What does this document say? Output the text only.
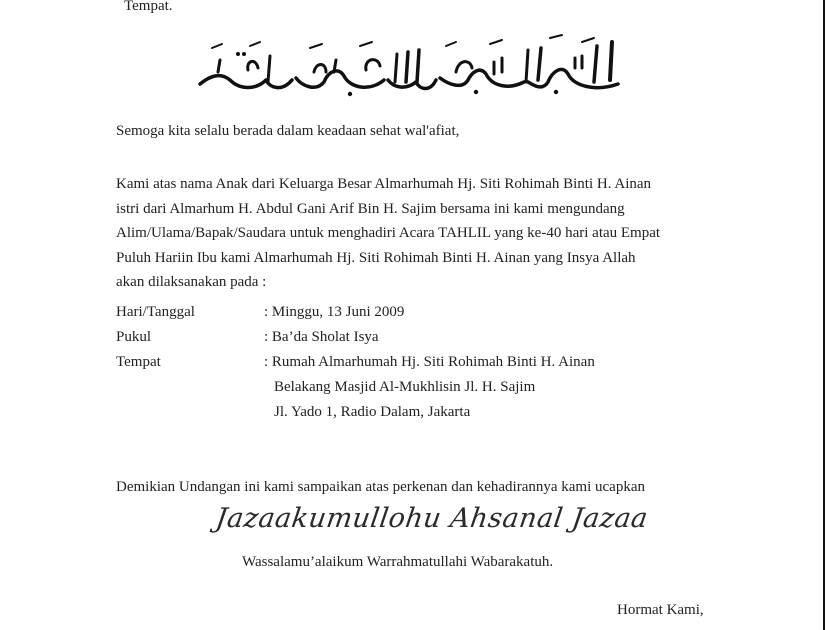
Tempat.
Semoga kita selalu berada dalam keadaan sehat wal'afiat,

Kami atas nama Anak dari Keluarga Besar Almarhumah Hj. Siti Rohimah Binti H. Ainan
istri dari Almarhum H. Abdul Gani Arif Bin H. Sajim bersama ini kami mengundang
Alim/Ulama/Bapak/Saudara untuk menghadiri Acara TAHLIL yang ke-40 hari atau Empat
Puluh Hariin Ibu kami Almarhumah Hj. Siti Rohimah Binti H. Ainan yang Insya Allah
akan dilaksanakan pada :

Hari/Tanggal	: Minggu, 13 Juni 2009
Pukul	: Ba’da Sholat Isya
Tempat	: Rumah Almarhumah Hj. Siti Rohimah Binti H. Ainan
Belakang Masjid Al-Mukhlisin Jl. H. Sajim
Jl. Yado 1, Radio Dalam, Jakarta
Demikian Undangan ini kami sampaikan atas perkenan dan kehadirannya kami ucapkan
Jazaakumullohu Ahsanal Jazaa
Wassalamu’alaikum Warrahmatullahi Wabarakatuh.
Hormat Kami,
